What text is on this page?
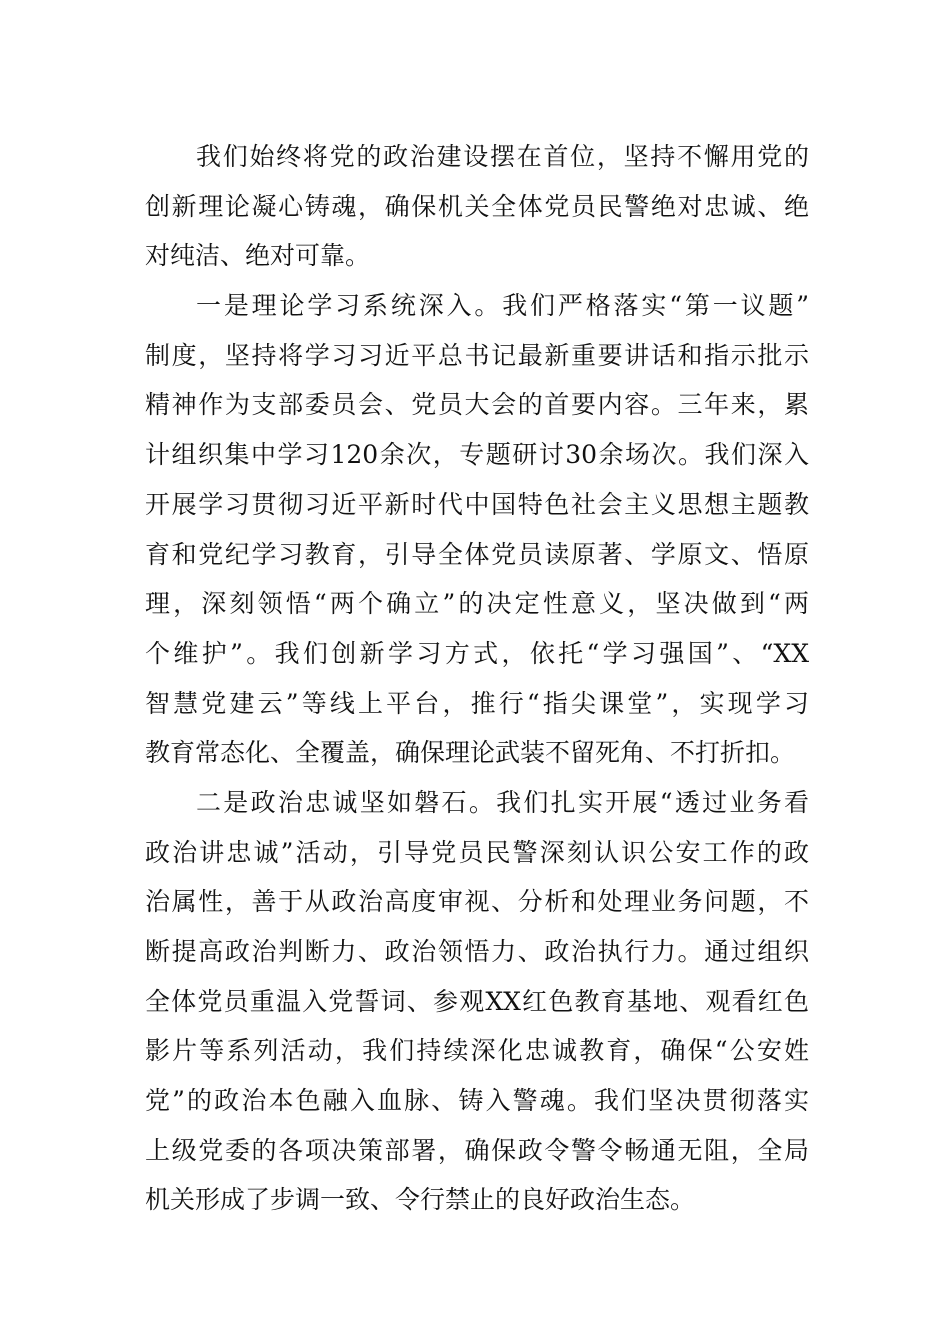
我们始终将党的政治建设摆在首位，坚持不懈用党的
创新理论凝心铸魂，确保机关全体党员民警绝对忠诚、绝
对纯洁、绝对可靠。
一是理论学习系统深入。我们严格落实“第一议题”
制度，坚持将学习习近平总书记最新重要讲话和指示批示
精神作为支部委员会、党员大会的首要内容。三年来，累
计组织集中学习120余次，专题研讨30余场次。我们深入
开展学习贯彻习近平新时代中国特色社会主义思想主题教
育和党纪学习教育，引导全体党员读原著、学原文、悟原
理，深刻领悟“两个确立”的决定性意义，坚决做到“两
个维护”。我们创新学习方式，依托“学习强国”、“XX
智慧党建云”等线上平台，推行“指尖课堂”，实现学习
教育常态化、全覆盖，确保理论武装不留死角、不打折扣。
二是政治忠诚坚如磐石。我们扎实开展“透过业务看
政治讲忠诚”活动，引导党员民警深刻认识公安工作的政
治属性，善于从政治高度审视、分析和处理业务问题，不
断提高政治判断力、政治领悟力、政治执行力。通过组织
全体党员重温入党誓词、参观XX红色教育基地、观看红色
影片等系列活动，我们持续深化忠诚教育，确保“公安姓
党”的政治本色融入血脉、铸入警魂。我们坚决贯彻落实
上级党委的各项决策部署，确保政令警令畅通无阻，全局
机关形成了步调一致、令行禁止的良好政治生态。
